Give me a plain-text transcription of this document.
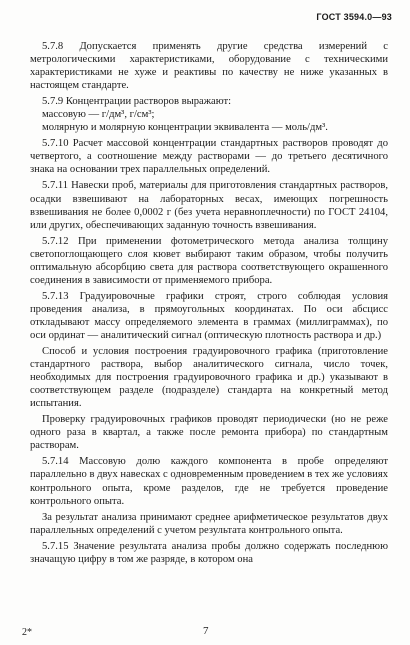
ГОСТ 3594.0—93

5.7.8 Допускается применять другие средства измерений с метрологическими характеристиками, оборудование с техническими характеристиками не хуже и реактивы по качеству не ниже указанных в настоящем стандарте.

5.7.9 Концентрации растворов выражают:

массовую — г/дм³, г/см³;

молярную и молярную концентрации эквивалента — моль/дм³.

5.7.10 Расчет массовой концентрации стандартных растворов проводят до четвертого, а соотношение между растворами — до третьего десятичного знака на основании трех параллельных определений.

5.7.11 Навески проб, материалы для приготовления стандартных растворов, осадки взвешивают на лабораторных весах, имеющих погрешность взвешивания не более 0,0002 г (без учета неравноплечности) по ГОСТ 24104, или других, обеспечивающих заданную точность взвешивания.

5.7.12 При применении фотометрического метода анализа толщину светопоглощающего слоя кювет выбирают таким образом, чтобы получить оптимальную абсорбцию света для раствора соответствующего окрашенного соединения в зависимости от применяемого прибора.

5.7.13 Градуировочные графики строят, строго соблюдая условия проведения анализа, в прямоугольных координатах. По оси абсцисс откладывают массу определяемого элемента в граммах (миллиграммах), по оси ординат — аналитический сигнал (оптическую плотность раствора и др.)

Способ и условия построения градуировочного графика (приготовление стандартного раствора, выбор аналитического сигнала, число точек, необходимых для построения градуировочного графика и др.) указывают в соответствующем разделе (подразделе) стандарта на конкретный метод испытания.

Проверку градуировочных графиков проводят периодически (но не реже одного раза в квартал, а также после ремонта прибора) по стандартным растворам.

5.7.14 Массовую долю каждого компонента в пробе определяют параллельно в двух навесках с одновременным проведением в тех же условиях контрольного опыта, кроме разделов, где не требуется проведение контрольного опыта.

За результат анализа принимают среднее арифметическое результатов двух параллельных определений с учетом результата контрольного опыта.

5.7.15 Значение результата анализа пробы должно содержать последнюю значащую цифру в том же разряде, в котором она

2*	7
